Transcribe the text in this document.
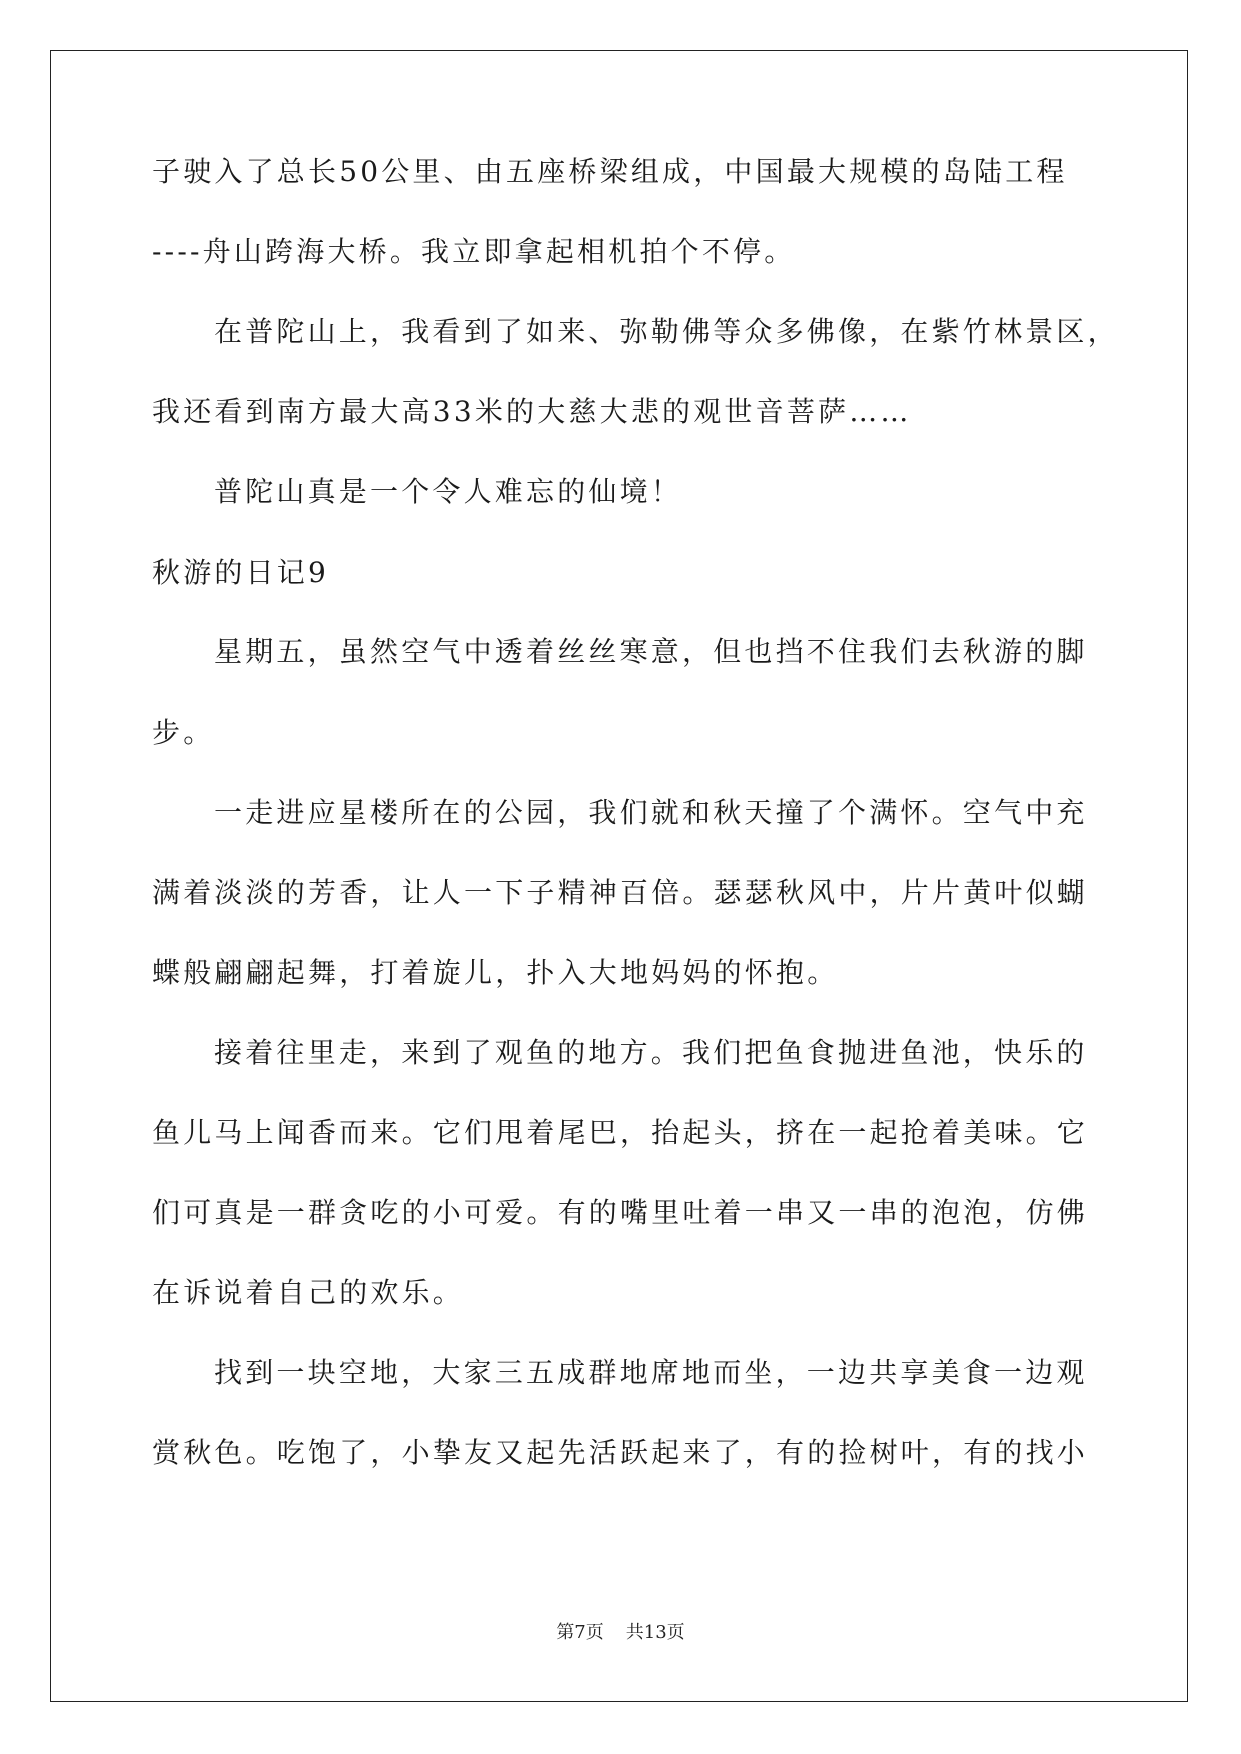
子驶入了总长50公里、由五座桥梁组成，中国最大规模的岛陆工程
----舟山跨海大桥。我立即拿起相机拍个不停。
在普陀山上，我看到了如来、弥勒佛等众多佛像，在紫竹林景区，
我还看到南方最大高33米的大慈大悲的观世音菩萨……
普陀山真是一个令人难忘的仙境！
秋游的日记9
星期五，虽然空气中透着丝丝寒意，但也挡不住我们去秋游的脚
步。
一走进应星楼所在的公园，我们就和秋天撞了个满怀。空气中充
满着淡淡的芳香，让人一下子精神百倍。瑟瑟秋风中，片片黄叶似蝴
蝶般翩翩起舞，打着旋儿，扑入大地妈妈的怀抱。
接着往里走，来到了观鱼的地方。我们把鱼食抛进鱼池，快乐的
鱼儿马上闻香而来。它们甩着尾巴，抬起头，挤在一起抢着美味。它
们可真是一群贪吃的小可爱。有的嘴里吐着一串又一串的泡泡，仿佛
在诉说着自己的欢乐。
找到一块空地，大家三五成群地席地而坐，一边共享美食一边观
赏秋色。吃饱了，小挚友又起先活跃起来了，有的捡树叶，有的找小
第7页 共13页
